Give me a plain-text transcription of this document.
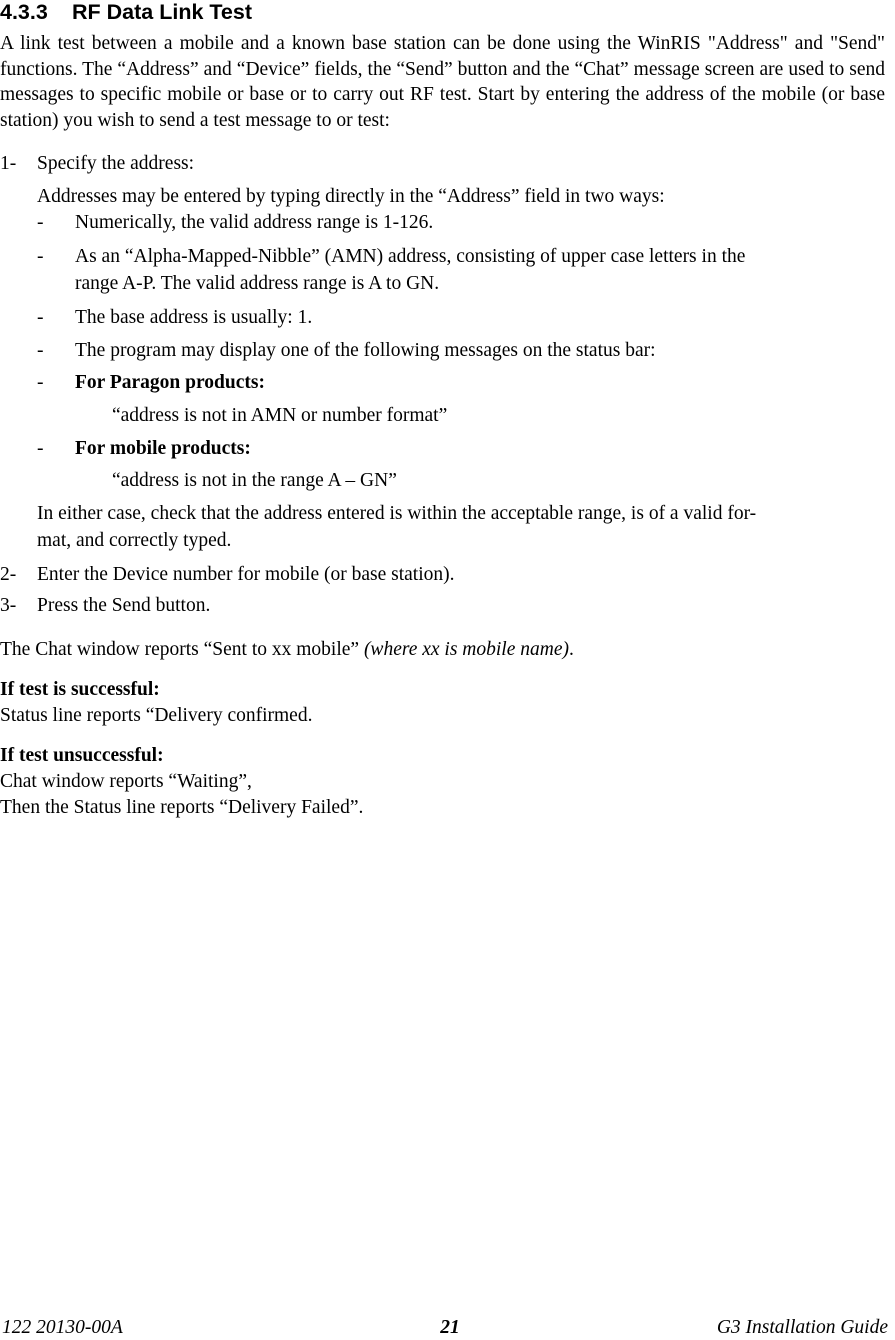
4.3.3 RF Data Link Test

A link test between a mobile and a known base station can be done using the WinRIS "Address" and "Send" functions. The “Address” and “Device” fields, the “Send” button and the “Chat” message screen are used to send messages to specific mobile or base or to carry out RF test. Start by entering the address of the mobile (or base station) you wish to send a test message to or test:

1- Specify the address:
Addresses may be entered by typing directly in the “Address” field in two ways:
- Numerically, the valid address range is 1-126.
- As an “Alpha-Mapped-Nibble” (AMN) address, consisting of upper case letters in the
range A-P. The valid address range is A to GN.
- The base address is usually: 1.
- The program may display one of the following messages on the status bar:
- For Paragon products:
“address is not in AMN or number format”
- For mobile products:
“address is not in the range A – GN”
In either case, check that the address entered is within the acceptable range, is of a valid for-
mat, and correctly typed.
2- Enter the Device number for mobile (or base station).
3- Press the Send button.
The Chat window reports “Sent to xx mobile” (where xx is mobile name).
If test is successful:
Status line reports “Delivery confirmed.
If test unsuccessful:
Chat window reports “Waiting”,
Then the Status line reports “Delivery Failed”.
122 20130-00A	21	G3 Installation Guide
